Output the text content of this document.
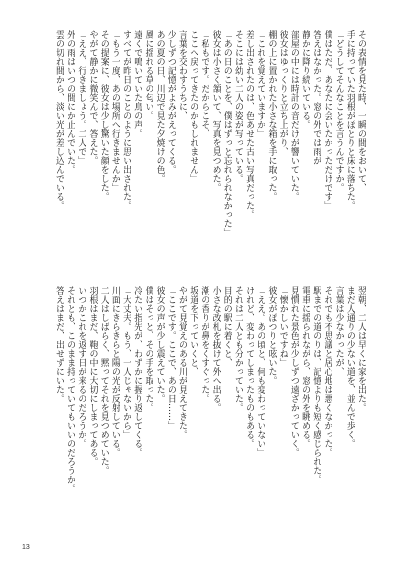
その表情を見た時、一瞬の間をおいて、
手に持っていた羽根がぽとりと床に落ちた。
「どうしてそんなことを言うんですか。
僕はただ、あなたに会いたかっただけです」
答えはなかった。窓の外では雨が
静かに降り続いている。
部屋の中には時計の音だけが響いていた。
彼女はゆっくりと立ち上がり、
棚の上に置かれた小さな箱を手に取った。
「これを覚えていますか」
差し出されたのは、色あせた古い写真だった。
そこには幼い二人の姿が写っている。
「あの日のことを、僕はずっと忘れられなかった」
彼女は小さく頷いて、写真を見つめた。
「私もです。だからこそ、
ここへ戻ってきたのかもしれません」
言葉を交わすうちに、
少しずつ記憶がよみがえってくる。
あの夏の日、川辺で見た夕焼けの色。
風に揺れる草の匂い。
遠くで鳴いていた鳥の声。
すべてが昨日のことのように思い出された。
「もう一度、あの場所へ行きませんか」
その提案に、彼女は少し驚いた顔をした。
やがて静かに微笑んで、答えた。
「ええ、行きましょう。二人で」
外の雨はいつの間にか止んでいた。
雲の切れ間から、淡い光が差し込んでいる。
翌朝、二人は早くに家を出た。
まだ人通りの少ない道を、並んで歩く。
言葉は少なかったが、
それでも不思議と居心地は悪くなかった。
駅までの道のりは、記憶よりも短く感じられた。
電車に揺られながら、窓の外を眺める。
見慣れた景色が少しずつ遠ざかっていく。
「懐かしいですね」
彼女がぽつりと呟いた。
「ええ。あの頃と、何も変わっていない」
けれど、変わってしまったものもある。
それは二人とも分かっていた。
目的の駅に着くと、
小さな改札を抜けて外へ出る。
潮の香りが鼻をくすぐった。
坂道を下っていくと、
やがて見覚えのある川が見えてきた。
「ここです。ここで、あの日……」
彼女の声が少し震えていた。
僕はそっと、その手を取った。
冷たい指先が、わずかに握り返してくる。
「大丈夫。もう、一人じゃないから」
川面にきらきらと陽の光が反射している。
二人はしばらく、黙ってそれを見つめていた。
羽根はまだ、鞄の中に大切にしまってある。
いつかこれを返す日が来るのだろうか。
それとも、このまま持っていてもいいのだろうか。
答えはまだ、出せずにいた。
13
